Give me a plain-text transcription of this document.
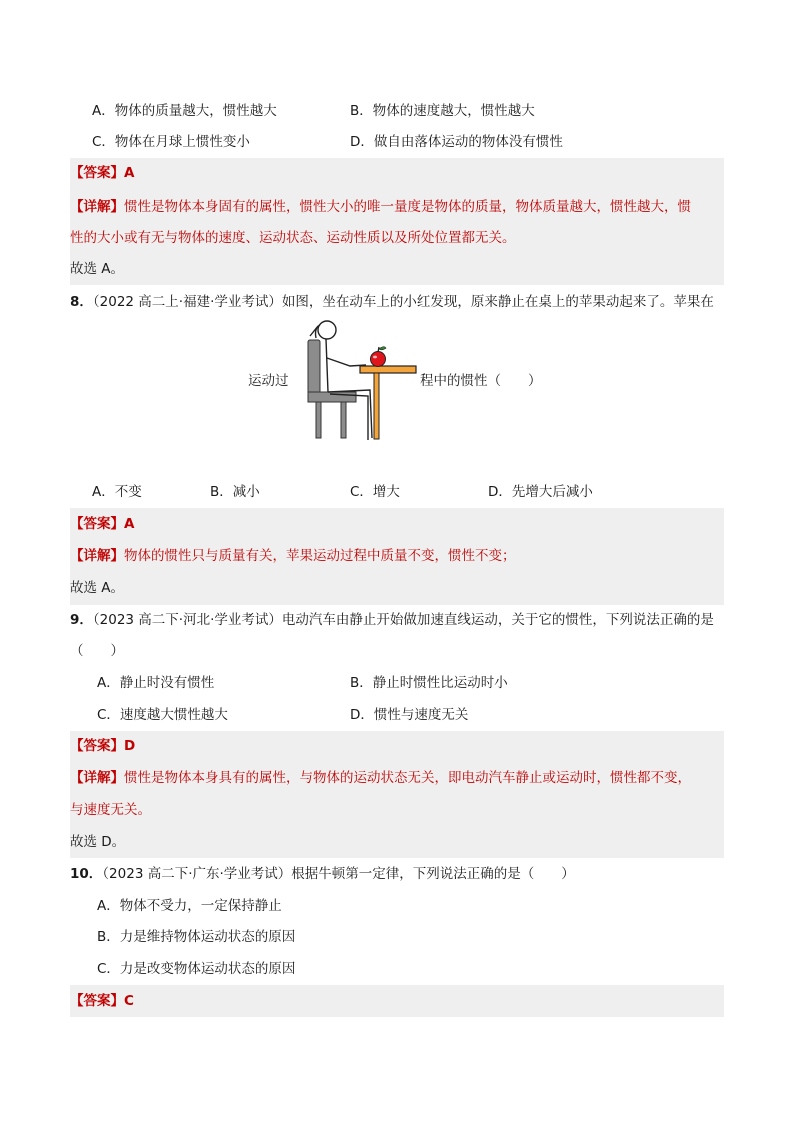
A．物体的质量越大，惯性越大	B．物体的速度越大，惯性越大
C．物体在月球上惯性变小	D．做自由落体运动的物体没有惯性
【答案】A
【详解】惯性是物体本身固有的属性，惯性大小的唯一量度是物体的质量，物体质量越大，惯性越大，惯
性的大小或有无与物体的速度、运动状态、运动性质以及所处位置都无关。
故选 A。
8．（2022 高二上·福建·学业考试）如图，坐在动车上的小红发现，原来静止在桌上的苹果动起来了。苹果在
运动过	程中的惯性（　　）
A．不变	B．减小	C．增大	D．先增大后减小
【答案】A
【详解】物体的惯性只与质量有关，苹果运动过程中质量不变，惯性不变；
故选 A。
9．（2023 高二下·河北·学业考试）电动汽车由静止开始做加速直线运动，关于它的惯性，下列说法正确的是
（　　）
A．静止时没有惯性	B．静止时惯性比运动时小
C．速度越大惯性越大	D．惯性与速度无关
【答案】D
【详解】惯性是物体本身具有的属性，与物体的运动状态无关，即电动汽车静止或运动时，惯性都不变，
与速度无关。
故选 D。
10．（2023 高二下·广东·学业考试）根据牛顿第一定律，下列说法正确的是（　　）
A．物体不受力，一定保持静止
B．力是维持物体运动状态的原因
C．力是改变物体运动状态的原因
【答案】C
